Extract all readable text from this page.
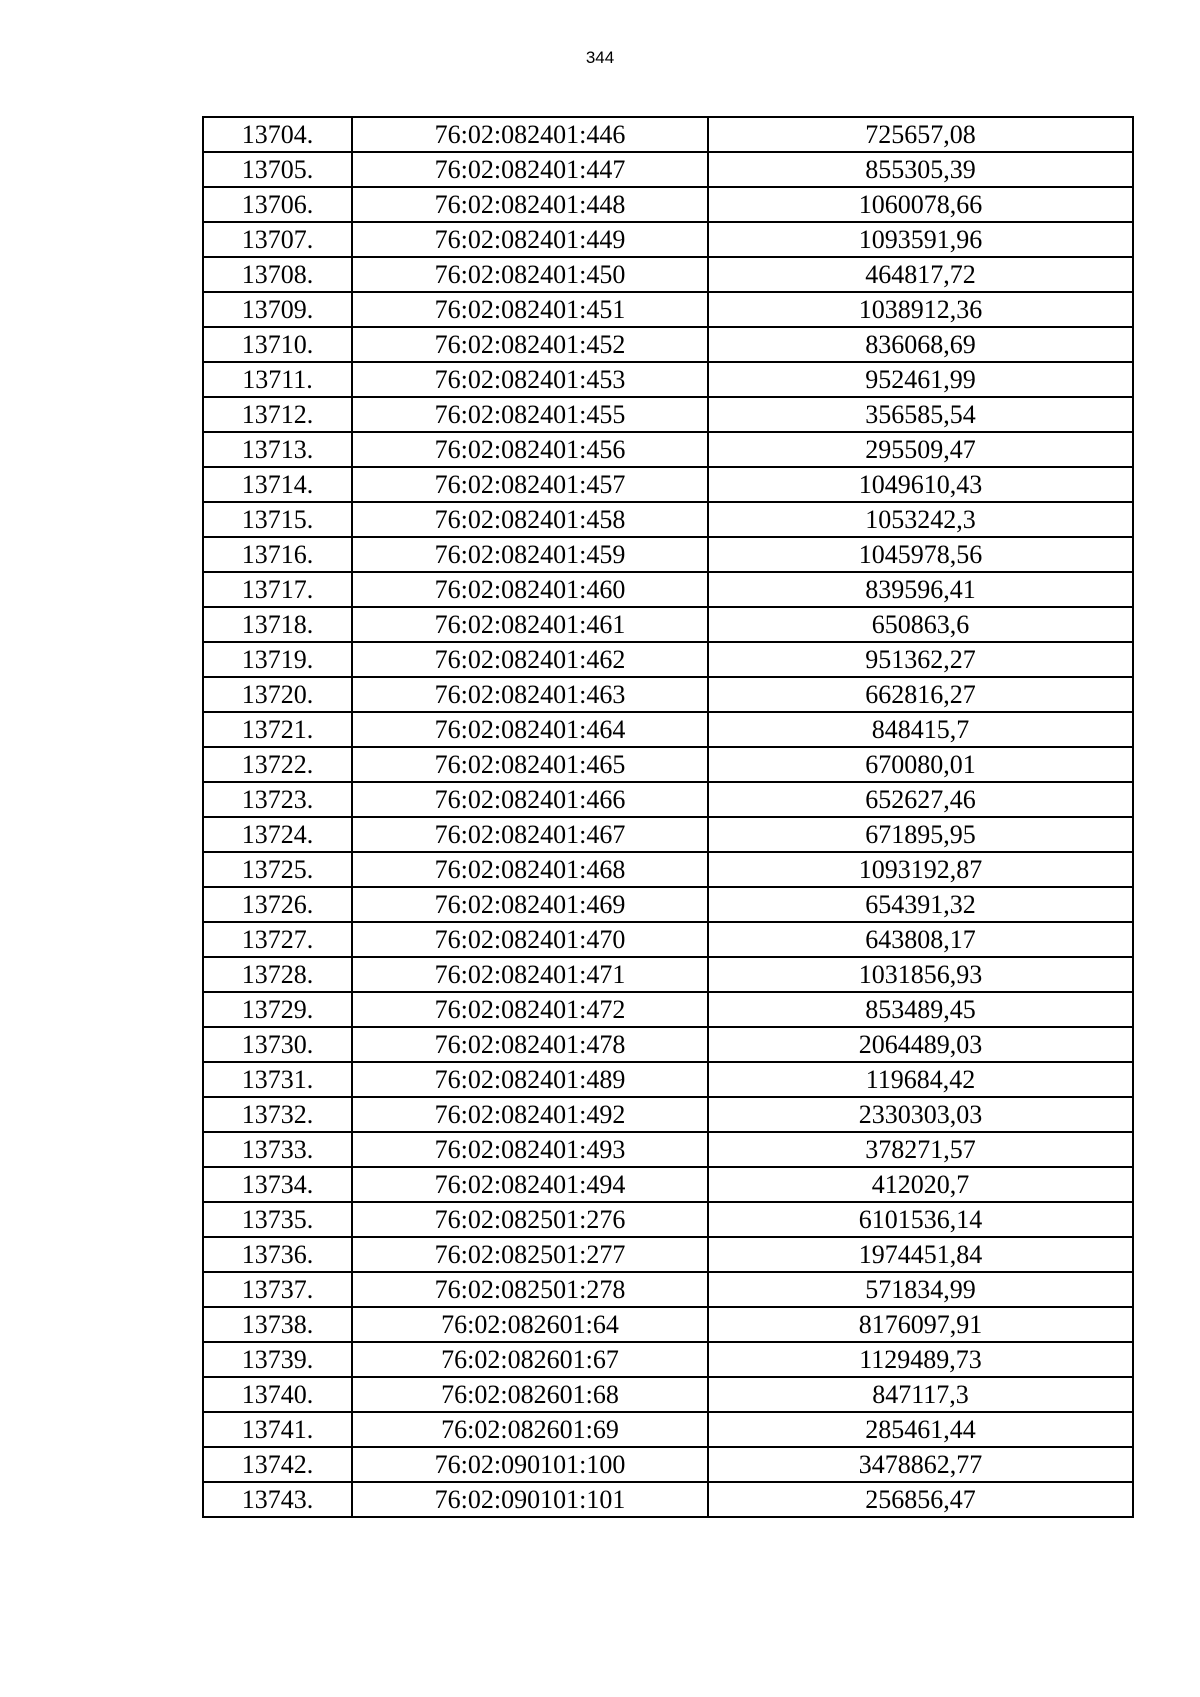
344
13704.	76:02:082401:446	725657,08
13705.	76:02:082401:447	855305,39
13706.	76:02:082401:448	1060078,66
13707.	76:02:082401:449	1093591,96
13708.	76:02:082401:450	464817,72
13709.	76:02:082401:451	1038912,36
13710.	76:02:082401:452	836068,69
13711.	76:02:082401:453	952461,99
13712.	76:02:082401:455	356585,54
13713.	76:02:082401:456	295509,47
13714.	76:02:082401:457	1049610,43
13715.	76:02:082401:458	1053242,3
13716.	76:02:082401:459	1045978,56
13717.	76:02:082401:460	839596,41
13718.	76:02:082401:461	650863,6
13719.	76:02:082401:462	951362,27
13720.	76:02:082401:463	662816,27
13721.	76:02:082401:464	848415,7
13722.	76:02:082401:465	670080,01
13723.	76:02:082401:466	652627,46
13724.	76:02:082401:467	671895,95
13725.	76:02:082401:468	1093192,87
13726.	76:02:082401:469	654391,32
13727.	76:02:082401:470	643808,17
13728.	76:02:082401:471	1031856,93
13729.	76:02:082401:472	853489,45
13730.	76:02:082401:478	2064489,03
13731.	76:02:082401:489	119684,42
13732.	76:02:082401:492	2330303,03
13733.	76:02:082401:493	378271,57
13734.	76:02:082401:494	412020,7
13735.	76:02:082501:276	6101536,14
13736.	76:02:082501:277	1974451,84
13737.	76:02:082501:278	571834,99
13738.	76:02:082601:64	8176097,91
13739.	76:02:082601:67	1129489,73
13740.	76:02:082601:68	847117,3
13741.	76:02:082601:69	285461,44
13742.	76:02:090101:100	3478862,77
13743.	76:02:090101:101	256856,47
